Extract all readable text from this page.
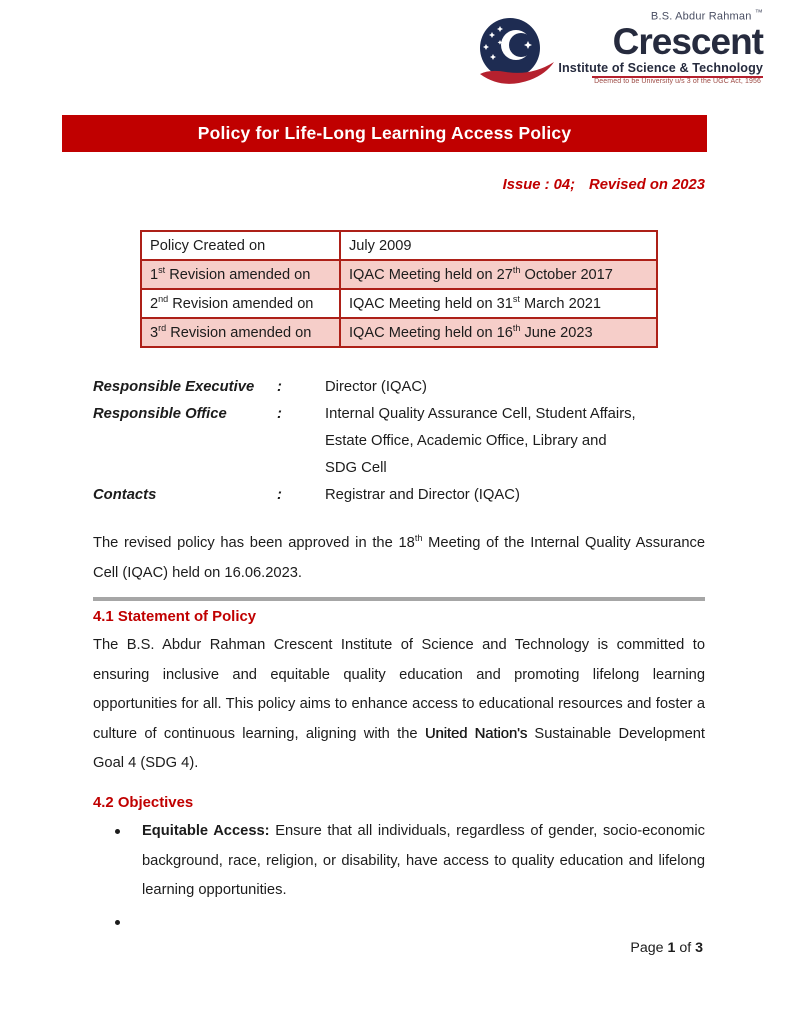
B.S. Abdur Rahman ™
Crescent
Institute of Science & Technology
Deemed to be University u/s 3 of the UGC Act, 1956
Policy for Life-Long Learning Access Policy
Issue : 04; Revised on 2023
Policy Created on	July 2009
1st Revision amended on	IQAC Meeting held on 27th October 2017
2nd Revision amended on	IQAC Meeting held on 31st March 2021
3rd Revision amended on	IQAC Meeting held on 16th June 2023
Responsible Executive	:	Director (IQAC)
Responsible Office	:	Internal Quality Assurance Cell, Student Affairs,
Estate Office, Academic Office, Library and
SDG Cell
Contacts	:	Registrar and Director (IQAC)

The revised policy has been approved in the 18th Meeting of the Internal Quality Assurance Cell (IQAC) held on 16.06.2023.

4.1 Statement of Policy

The B.S. Abdur Rahman Crescent Institute of Science and Technology is committed to ensuring inclusive and equitable quality education and promoting lifelong learning opportunities for all. This policy aims to enhance access to educational resources and foster a culture of continuous learning, aligning with the United Nation's Sustainable Development Goal 4 (SDG 4).

4.2 Objectives
Equitable Access: Ensure that all individuals, regardless of gender, socio-economic background, race, religion, or disability, have access to quality education and lifelong learning opportunities.
Page 1 of 3
